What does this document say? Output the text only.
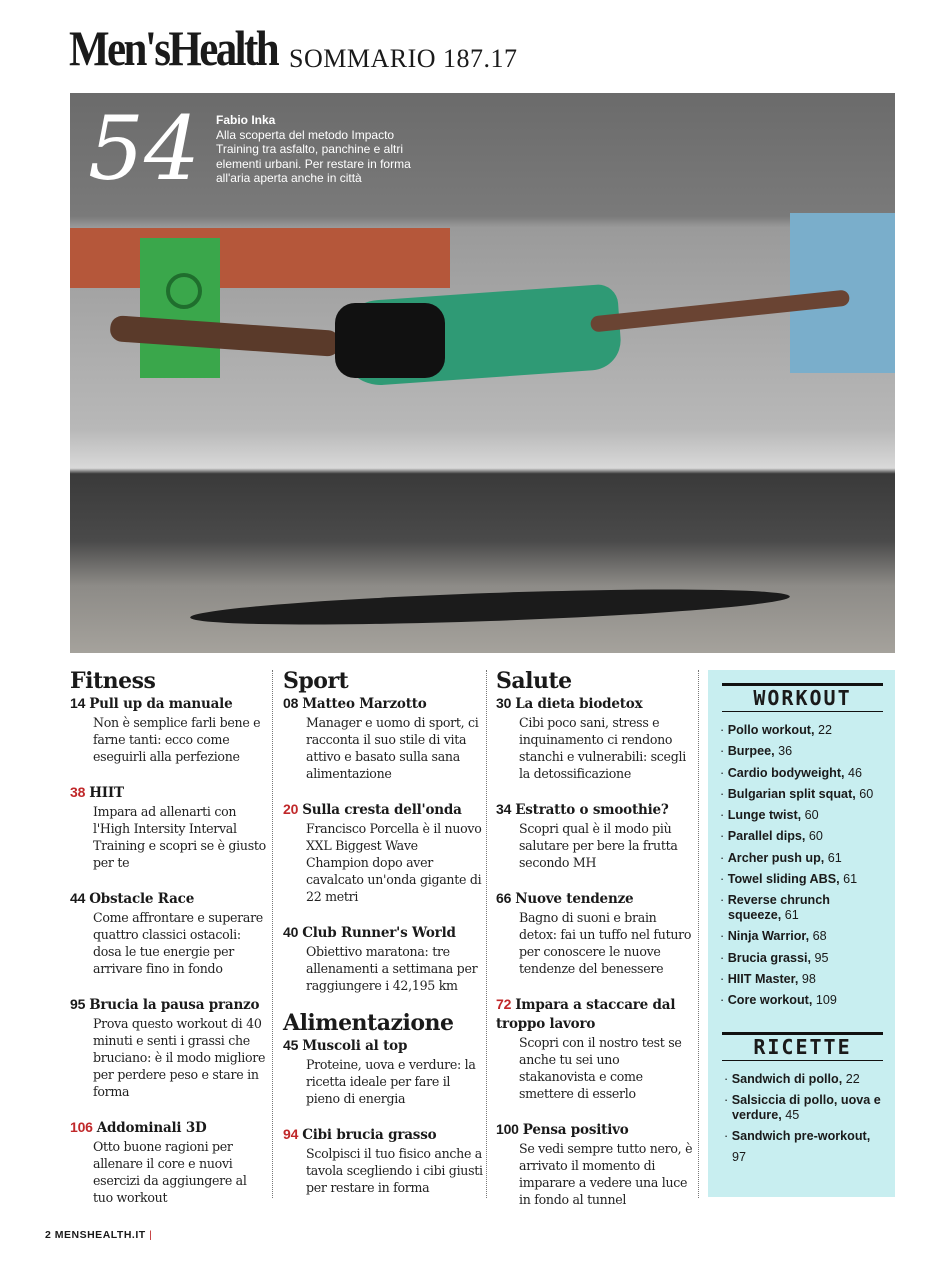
Men'sHealth SOMMARIO 187.17
54 Fabio Inka
Alla scoperta del metodo Impacto Training tra asfalto, panchine e altri elementi urbani. Per restare in forma all'aria aperta anche in città
Fitness
14 Pull up da manuale
Non è semplice farli bene e farne tanti: ecco come eseguirli alla perfezione
38 HIIT
Impara ad allenarti con l'High Intersity Interval Training e scopri se è giusto per te
44 Obstacle Race
Come affrontare e superare quattro classici ostacoli: dosa le tue energie per arrivare fino in fondo
95 Brucia la pausa pranzo
Prova questo workout di 40 minuti e senti i grassi che bruciano: è il modo migliore per perdere peso e stare in forma
106 Addominali 3D
Otto buone ragioni per allenare il core e nuovi esercizi da aggiungere al tuo workout
Sport
08 Matteo Marzotto
Manager e uomo di sport, ci racconta il suo stile di vita attivo e basato sulla sana alimentazione
20 Sulla cresta dell'onda
Francisco Porcella è il nuovo XXL Biggest Wave Champion dopo aver cavalcato un'onda gigante di 22 metri
40 Club Runner's World
Obiettivo maratona: tre allenamenti a settimana per raggiungere i 42,195 km
Alimentazione
45 Muscoli al top
Proteine, uova e verdure: la ricetta ideale per fare il pieno di energia
94 Cibi brucia grasso
Scolpisci il tuo fisico anche a tavola scegliendo i cibi giusti per restare in forma
Salute
30 La dieta biodetox
Cibi poco sani, stress e inquinamento ci rendono stanchi e vulnerabili: scegli la detossificazione
34 Estratto o smoothie?
Scopri qual è il modo più salutare per bere la frutta secondo MH
66 Nuove tendenze
Bagno di suoni e brain detox: fai un tuffo nel futuro per conoscere le nuove tendenze del benessere
72 Impara a staccare dal troppo lavoro
Scopri con il nostro test se anche tu sei uno stakanovista e come smettere di esserlo
100 Pensa positivo
Se vedi sempre tutto nero, è arrivato il momento di imparare a vedere una luce in fondo al tunnel
WORKOUT
· Pollo workout, 22
· Burpee, 36
· Cardio bodyweight, 46
· Bulgarian split squat, 60
· Lunge twist, 60
· Parallel dips, 60
· Archer push up, 61
· Towel sliding ABS, 61
· Reverse chrunch squeeze, 61
· Ninja Warrior, 68
· Brucia grassi, 95
· HIIT Master, 98
· Core workout, 109
RICETTE
· Sandwich di pollo, 22
· Salsiccia di pollo, uova e verdure, 45
· Sandwich pre-workout, 97
2 MENSHEALTH.IT |
